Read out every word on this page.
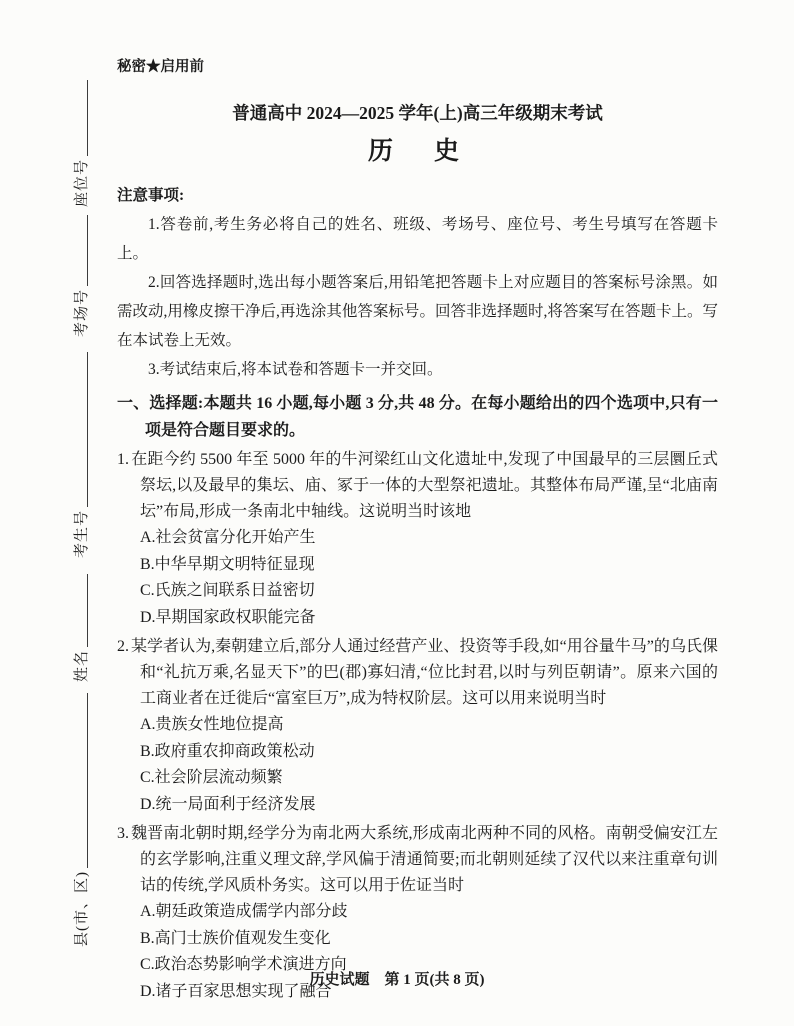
座位号
考场号
考生号
姓名
县(市、区)
秘密★启用前
普通高中 2024—2025 学年(上)高三年级期末考试
历　史
注意事项:
1.答卷前,考生务必将自己的姓名、班级、考场号、座位号、考生号填写在答题卡上。
2.回答选择题时,选出每小题答案后,用铅笔把答题卡上对应题目的答案标号涂黑。如需改动,用橡皮擦干净后,再选涂其他答案标号。回答非选择题时,将答案写在答题卡上。写在本试卷上无效。
3.考试结束后,将本试卷和答题卡一并交回。
一、选择题:本题共 16 小题,每小题 3 分,共 48 分。在每小题给出的四个选项中,只有一项是符合题目要求的。
1. 在距今约 5500 年至 5000 年的牛河梁红山文化遗址中,发现了中国最早的三层圜丘式祭坛,以及最早的集坛、庙、冢于一体的大型祭祀遗址。其整体布局严谨,呈“北庙南坛”布局,形成一条南北中轴线。这说明当时该地
A.社会贫富分化开始产生
B.中华早期文明特征显现
C.氏族之间联系日益密切
D.早期国家政权职能完备
2. 某学者认为,秦朝建立后,部分人通过经营产业、投资等手段,如“用谷量牛马”的乌氏倮和“礼抗万乘,名显天下”的巴(郡)寡妇清,“位比封君,以时与列臣朝请”。原来六国的工商业者在迁徙后“富室巨万”,成为特权阶层。这可以用来说明当时
A.贵族女性地位提高
B.政府重农抑商政策松动
C.社会阶层流动频繁
D.统一局面利于经济发展
3. 魏晋南北朝时期,经学分为南北两大系统,形成南北两种不同的风格。南朝受偏安江左的玄学影响,注重义理文辞,学风偏于清通简要;而北朝则延续了汉代以来注重章句训诂的传统,学风质朴务实。这可以用于佐证当时
A.朝廷政策造成儒学内部分歧
B.高门士族价值观发生变化
C.政治态势影响学术演进方向
D.诸子百家思想实现了融合
历史试题　第 1 页(共 8 页)
